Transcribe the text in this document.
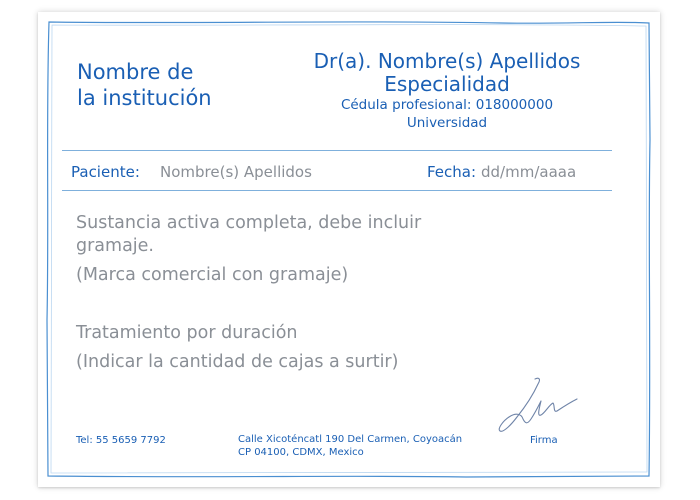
Nombre de
la institución
Dr(a). Nombre(s) Apellidos
Especialidad
Cédula profesional: 018000000
Universidad
Paciente: Nombre(s) Apellidos	Fecha: dd/mm/aaaa
Sustancia activa completa, debe incluir gramaje.
(Marca comercial con gramaje)
Tratamiento por duración
(Indicar la cantidad de cajas a surtir)
Tel: 55 5659 7792	Calle Xicoténcatl 190 Del Carmen, Coyoacán
CP 04100, CDMX, Mexico
Firma
